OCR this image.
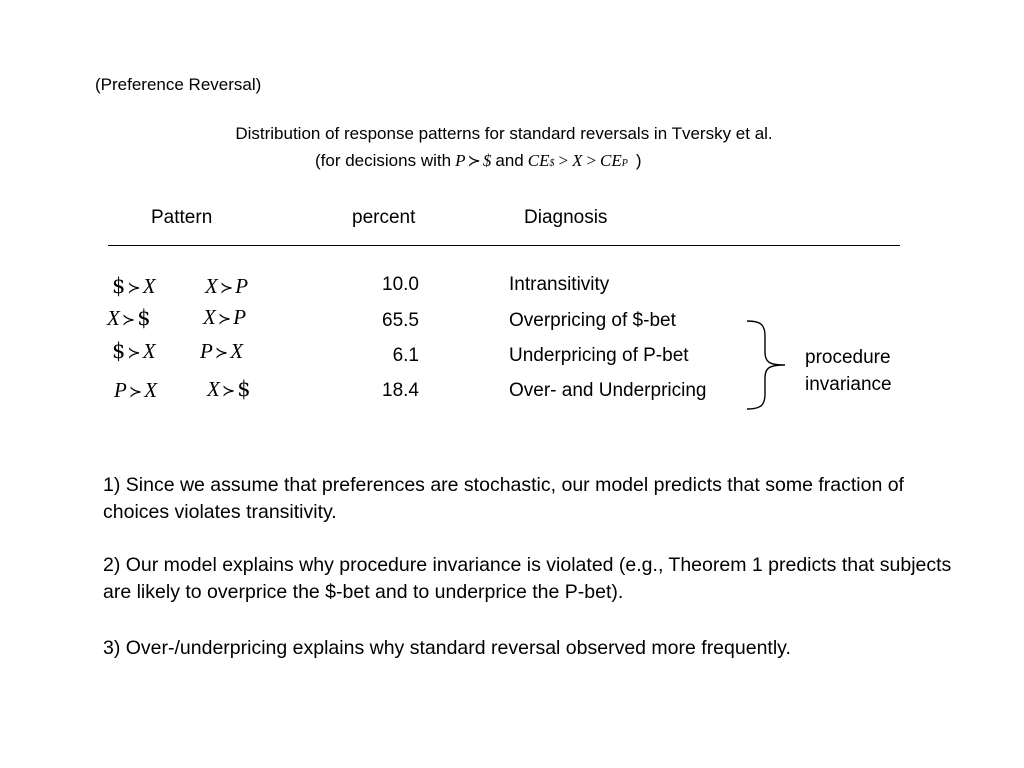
(Preference Reversal)
Distribution of response patterns for standard reversals in Tversky et al.
(for decisions with P ≻ $ and CE $ > X > CE P )
Pattern	percent	Diagnosis
$ ≻ X X ≻ P	10.0	Intransitivity
X ≻ $ X ≻ P	65.5	Overpricing of $-bet
$ ≻ X P ≻ X	6.1	Underpricing of P-bet
P ≻ X X ≻ $	18.4	Over- and Underpricing
procedure
invariance
1) Since we assume that preferences are stochastic, our model predicts that some fraction of choices violates transitivity.
2) Our model explains why procedure invariance is violated (e.g., Theorem 1 predicts that subjects are likely to overprice the $-bet and to underprice the P-bet).
3) Over-/underpricing explains why standard reversal observed more frequently.
